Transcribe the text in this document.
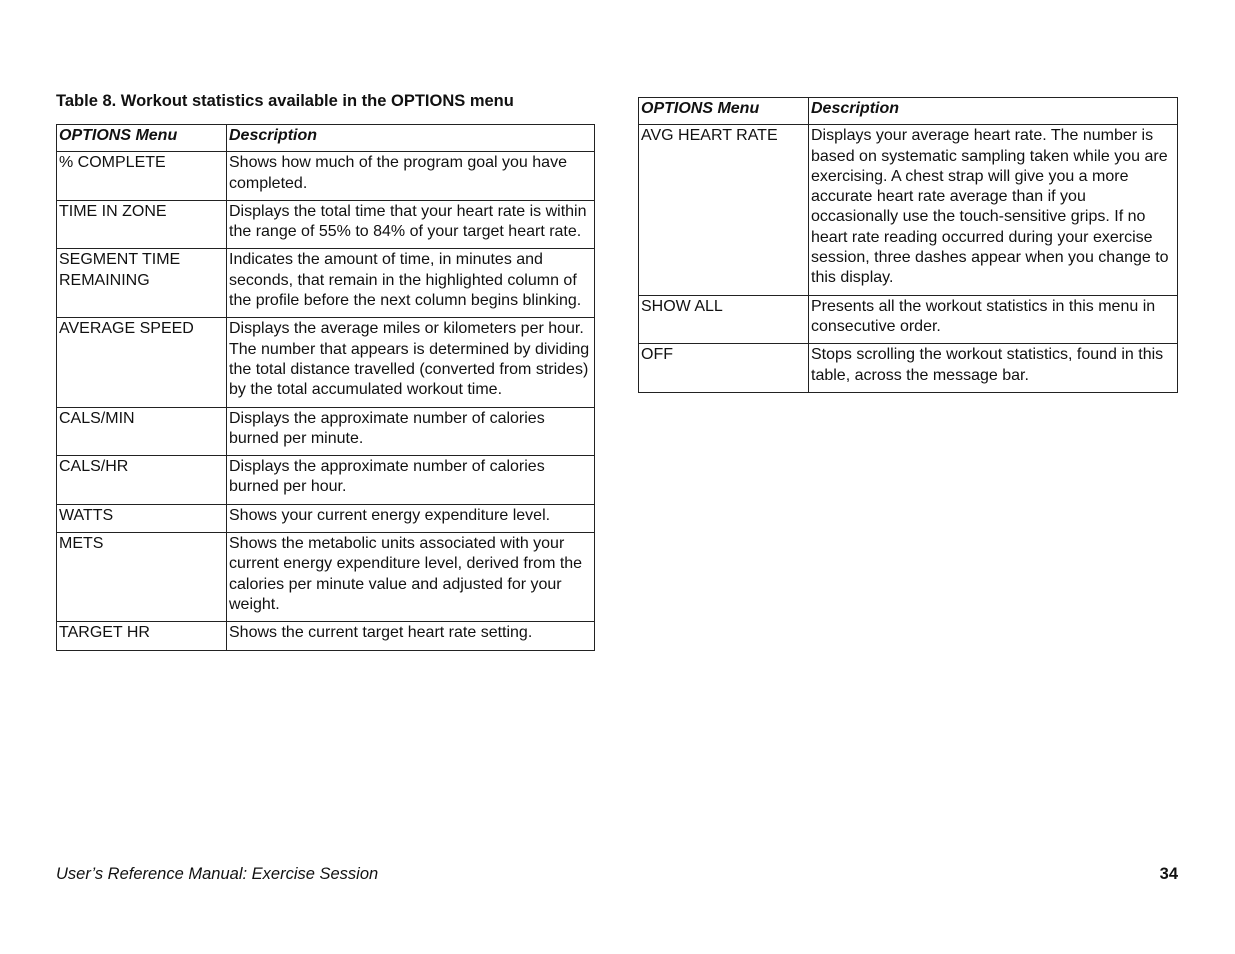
Table 8. Workout statistics available in the OPTIONS menu
OPTIONS Menu	Description
% COMPLETE	Shows how much of the program goal you have completed.
TIME IN ZONE	Displays the total time that your heart rate is within the range of 55% to 84% of your target heart rate.
SEGMENT TIME REMAINING	Indicates the amount of time, in minutes and seconds, that remain in the highlighted column of the profile before the next column begins blinking.
AVERAGE SPEED	Displays the average miles or kilometers per hour. The number that appears is determined by dividing the total distance travelled (converted from strides) by the total accumulated workout time.
CALS/MIN	Displays the approximate number of calories burned per minute.
CALS/HR	Displays the approximate number of calories burned per hour.
WATTS	Shows your current energy expenditure level.
METS	Shows the metabolic units associated with your current energy expenditure level, derived from the calories per minute value and adjusted for your weight.
TARGET HR	Shows the current target heart rate setting.
OPTIONS Menu	Description
AVG HEART RATE	Displays your average heart rate. The number is based on systematic sampling taken while you are exercising. A chest strap will give you a more accurate heart rate average than if you occasionally use the touch-sensitive grips. If no heart rate reading occurred during your exercise session, three dashes appear when you change to this display.
SHOW ALL	Presents all the workout statistics in this menu in consecutive order.
OFF	Stops scrolling the workout statistics, found in this table, across the message bar.
User’s Reference Manual: Exercise Session	34
